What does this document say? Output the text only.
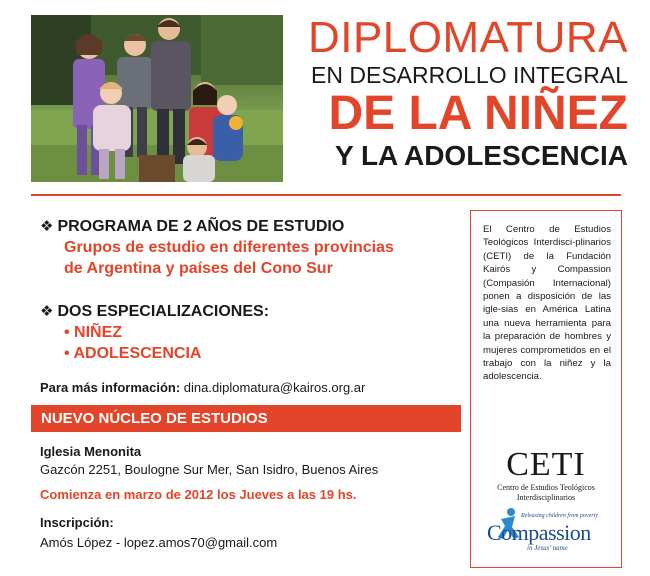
DIPLOMATURA
EN DESARROLLO INTEGRAL
DE LA NIÑEZ
Y LA ADOLESCENCIA
❖ PROGRAMA DE 2 AÑOS DE ESTUDIO
Grupos de estudio en diferentes provincias
de Argentina y países del Cono Sur
❖ DOS ESPECIALIZACIONES:
• NIÑEZ
• ADOLESCENCIA
Para más información: dina.diplomatura@kairos.org.ar
NUEVO NÚCLEO DE ESTUDIOS
Iglesia Menonita
Gazcón 2251, Boulogne Sur Mer, San Isidro, Buenos Aires
Comienza en marzo de 2012 los Jueves a las 19 hs.
Inscripción:
Amós López - lopez.amos70@gmail.com
El Centro de Estudios Teológicos Interdisci-plinarios (CETI) de la Fundación Kairós y Compassion (Compasión Internacional) ponen a disposición de las igle-sias en América Latina una nueva herramienta para la preparación de hombres y mujeres comprometidos en el trabajo con la niñez y la adolescencia.
CETI
Centro de Estudios Teológicos
Interdisciplinarios
Releasing children from poverty
Compassion
in Jesus' name
